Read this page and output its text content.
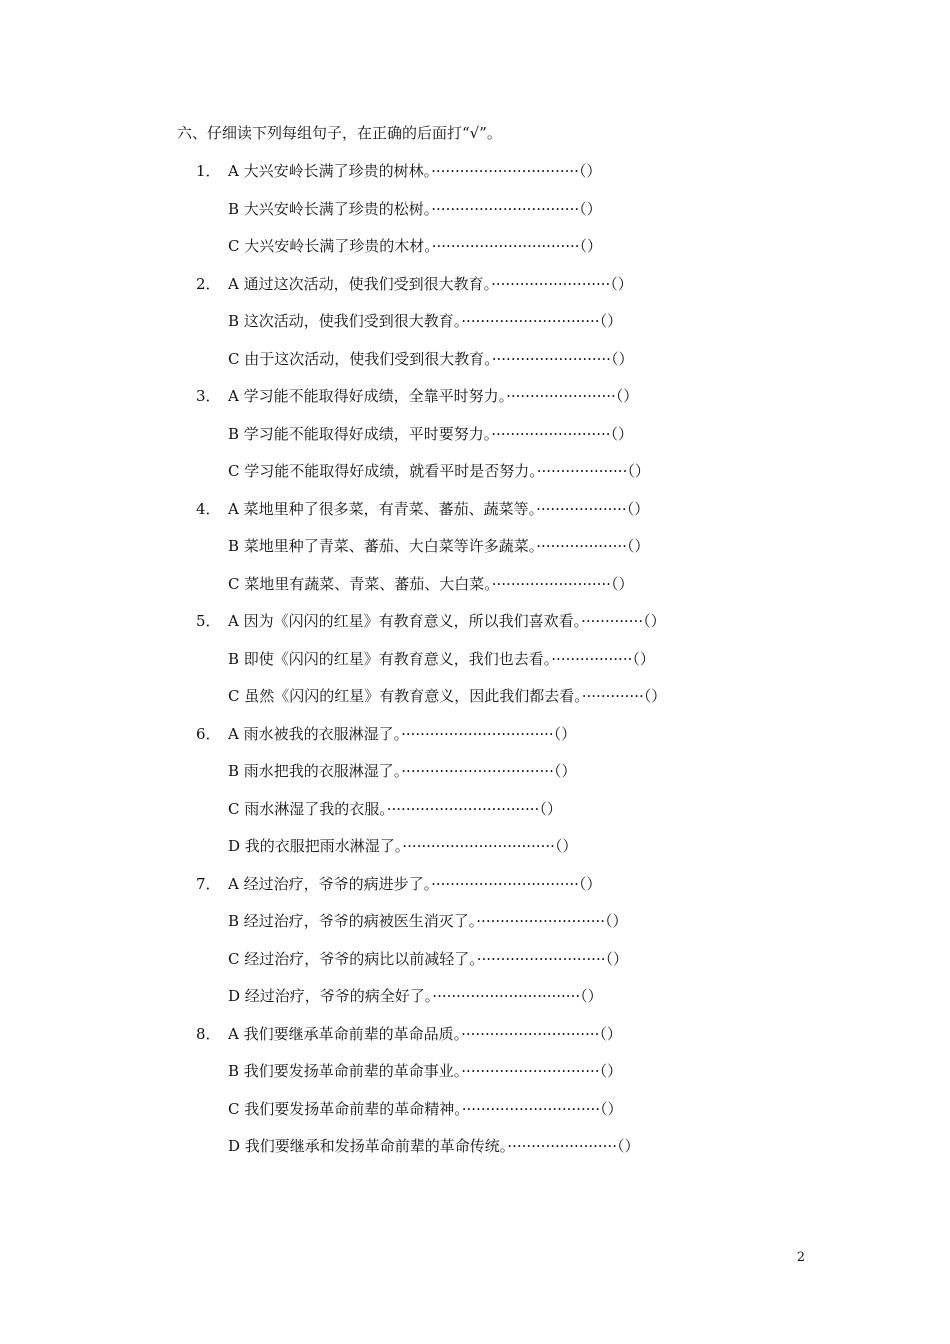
六、仔细读下列每组句子，在正确的后面打“√”。
1． A 大兴安岭长满了珍贵的树林。·······························（）
B 大兴安岭长满了珍贵的松树。·······························（）
C 大兴安岭长满了珍贵的木材。·······························（）
2． A 通过这次活动，使我们受到很大教育。·························（）
B 这次活动，使我们受到很大教育。·····························（）
C 由于这次活动，使我们受到很大教育。·························（）
3． A 学习能不能取得好成绩，全靠平时努力。·······················（）
B 学习能不能取得好成绩，平时要努力。·························（）
C 学习能不能取得好成绩，就看平时是否努力。···················（）
4． A 菜地里种了很多菜，有青菜、蕃茄、蔬菜等。···················（）
B 菜地里种了青菜、蕃茄、大白菜等许多蔬菜。···················（）
C 菜地里有蔬菜、青菜、蕃茄、大白菜。·························（）
5． A 因为《闪闪的红星》有教育意义，所以我们喜欢看。·············（）
B 即使《闪闪的红星》有教育意义，我们也去看。·················（）
C 虽然《闪闪的红星》有教育意义，因此我们都去看。·············（）
6． A 雨水被我的衣服淋湿了。································（）
B 雨水把我的衣服淋湿了。································（）
C 雨水淋湿了我的衣服。································（）
D 我的衣服把雨水淋湿了。································（）
7． A 经过治疗，爷爷的病进步了。·······························（）
B 经过治疗，爷爷的病被医生消灭了。···························（）
C 经过治疗，爷爷的病比以前减轻了。···························（）
D 经过治疗，爷爷的病全好了。·······························（）
8． A 我们要继承革命前辈的革命品质。·····························（）
B 我们要发扬革命前辈的革命事业。·····························（）
C 我们要发扬革命前辈的革命精神。·····························（）
D 我们要继承和发扬革命前辈的革命传统。·······················（）
2
